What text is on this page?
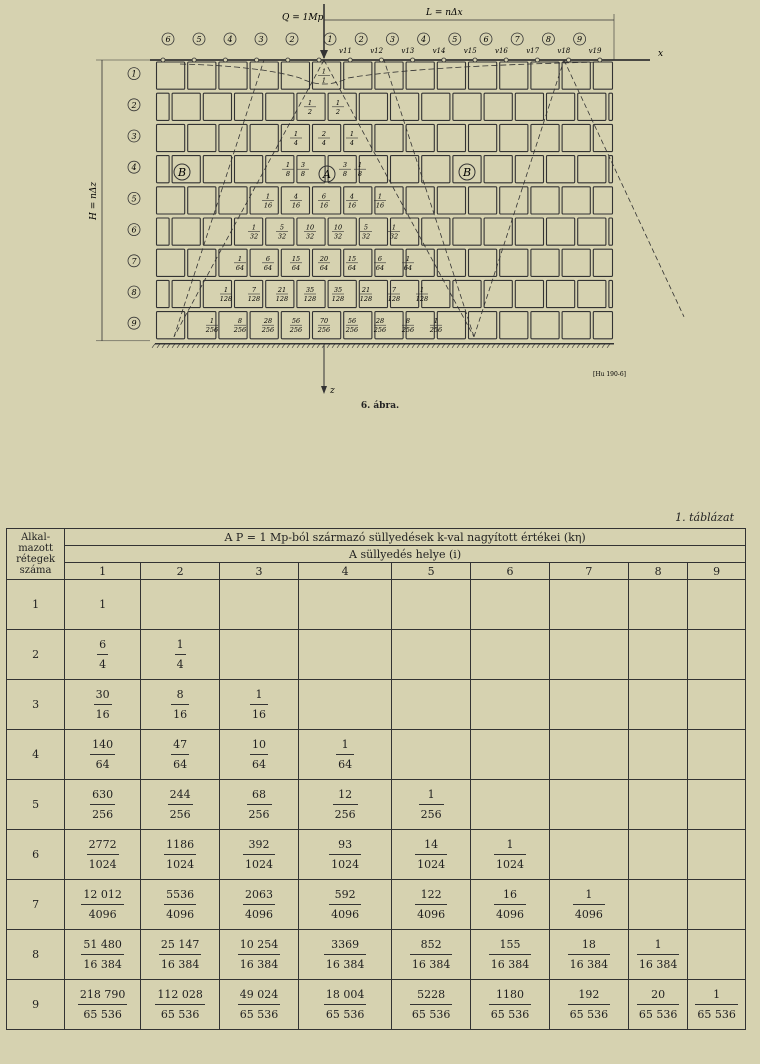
x
Q = 1Mp	L = nΔx
H = nΔz
z
[Hu 190-6]
6	5	4	3	2	1	2	3	4	5	6	7	8	9
v11	v12	v13	v14	v15	v16	v17	v18	v19
1
2
3
4
5
6
7
8
9
A
B	B
1
1
1
2
1
2
1
4
2
4
1
4
1
8
3
8
3
8
1
8
1
16
4
16
6
16
4
16
1
16
1
32
5
32
10
32
10
32
5
32
1
32
1
64
6
64
15
64
20
64
15
64
6
64
1
64
1
128
7
128
21
128
35
128
35
128
21
128
7
128
1
128
1
256
8
256
28
256
56
256
70
256
56
256
28
256
8
256
1
256
6. ábra.
1. táblázat
Alkal-
mazott
rétegek
száma	A P = 1 Mp-ból származó süllyedések k-val nagyított értékei (kη)								
	A süllyedés helye (i)								
	1	2	3	4	5	6	7	8	9
1	1								
2	$\frac{6}{4}$	$\frac{1}{4}$

3	$\frac{30}{16}$	$\frac{8}{16}$	$\frac{1}{16}$

4	$\frac{140}{64}$	$\frac{47}{64}$	$\frac{10}{64}$	$\frac{1}{64}$

5	$\frac{630}{256}$	$\frac{244}{256}$	$\frac{68}{256}$	$\frac{12}{256}$	$\frac{1}{256}$

6	$\frac{2772}{1024}$	$\frac{1186}{1024}$	$\frac{392}{1024}$	$\frac{93}{1024}$	$\frac{14}{1024}$	$\frac{1}{1024}$

7	$\frac{12 012}{4096}$	$\frac{5536}{4096}$	$\frac{2063}{4096}$	$\frac{592}{4096}$	$\frac{122}{4096}$	$\frac{16}{4096}$	$\frac{1}{4096}$

8	$\frac{51 480}{16 384}$	$\frac{25 147}{16 384}$	$\frac{10 254}{16 384}$	$\frac{3369}{16 384}$	$\frac{852}{16 384}$	$\frac{155}{16 384}$	$\frac{18}{16 384}$	$\frac{1}{16 384}$

9	$\frac{218 790}{65 536}$	$\frac{112 028}{65 536}$	$\frac{49 024}{65 536}$	$\frac{18 004}{65 536}$	$\frac{5228}{65 536}$	$\frac{1180}{65 536}$	$\frac{192}{65 536}$	$\frac{20}{65 536}$	$\frac{1}{65 536}$
